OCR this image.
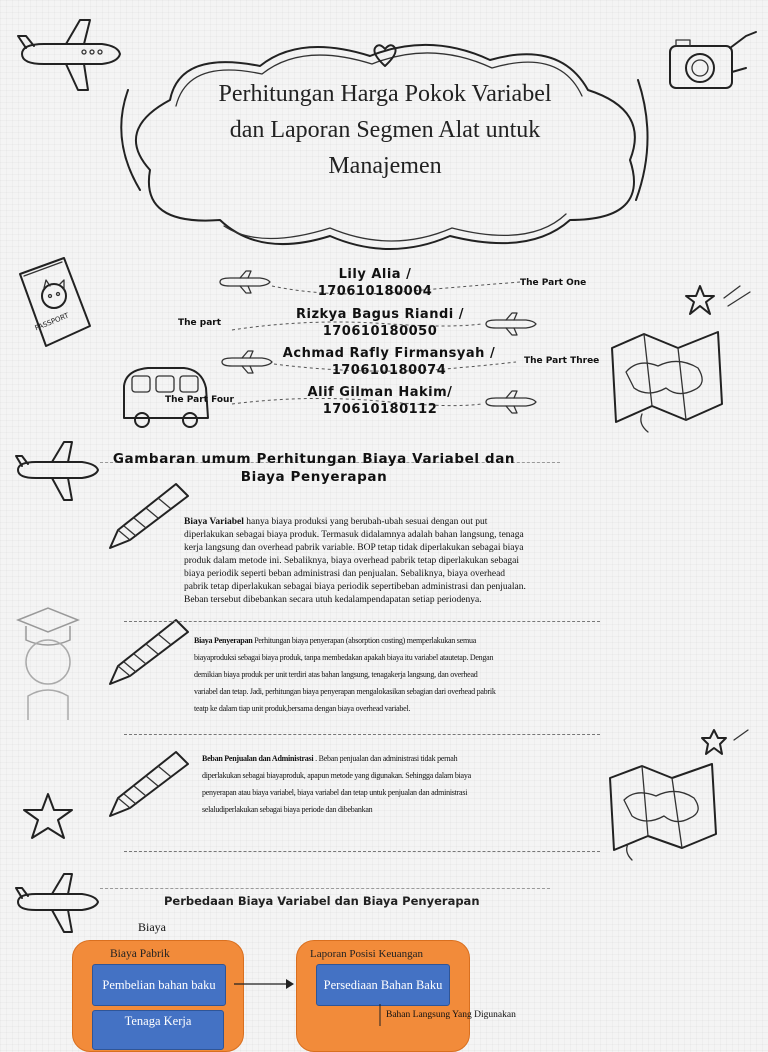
PASSPORT
Perhitungan Harga Pokok Variabel
dan Laporan Segmen Alat untuk
Manajemen
Lily Alia /
170610180004
Rizkya Bagus Riandi /
170610180050
Achmad Rafly Firmansyah /
170610180074
Alif Gilman Hakim/
170610180112
The Part One
The part
The Part Three
The Part Four
Gambaran umum Perhitungan Biaya Variabel dan
Biaya Penyerapan
Biaya Variabel hanya biaya produksi yang berubah-ubah sesuai dengan out put
diperlakukan sebagai biaya produk. Termasuk didalamnya adalah bahan langsung, tenaga
kerja langsung dan overhead pabrik variable. BOP tetap tidak diperlakukan sebagai biaya
produk dalam metode ini. Sebaliknya, biaya overhead pabrik tetap diperlakukan sebagai
biaya periodik seperti beban administrasi dan penjualan. Sebaliknya, biaya overhead
pabrik tetap diperlakukan sebagai biaya periodik sepertibeban administrasi dan penjualan.
Beban tersebut dibebankan secara utuh kedalampendapatan setiap periodenya.
Biaya Penyerapan Perhitungan biaya penyerapan (absorption costing) memperlakukan semua
biayaproduksi sebagai biaya produk, tanpa membedakan apakah biaya itu variabel atautetap. Dengan
demikian biaya produk per unit terdiri atas bahan langsung, tenagakerja langsung, dan overhead
variabel dan tetap. Jadi, perhitungan biaya penyerapan mengalokasikan sebagian dari overhead pabrik
teatp ke dalam tiap unit produk,bersama dengan biaya overhead variabel.
Beban Penjualan dan Administrasi . Beban penjualan dan administrasi tidak pernah
diperlakukan sebagai biayaproduk, apapun metode yang digunakan. Sehingga dalam biaya
penyerapan atau biaya variabel, biaya variabel dan tetap untuk penjualan dan administrasi
selaludiperlakukan sebagai biaya periode dan dibebankan
Perbedaan Biaya Variabel dan Biaya Penyerapan
Biaya
Biaya Pabrik
Pembelian bahan baku
Tenaga Kerja
Laporan Posisi Keuangan
Persediaan Bahan Baku
Bahan Langsung Yang Digunakan
